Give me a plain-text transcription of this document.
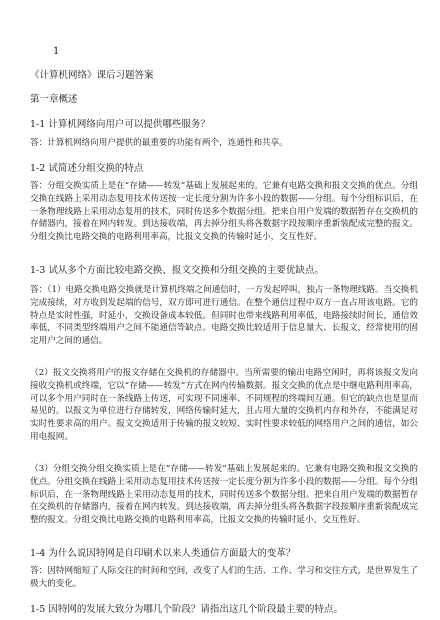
· · · ·	· · · ·	· · · ·
1
《计算机网络》课后习题答案
第一章概述
1-1 计算机网络向用户可以提供哪些服务？

答：计算机网络向用户提供的最重要的功能有两个，连通性和共享。

1-2 试简述分组交换的特点

答：分组交换实质上是在“存储——转发”基础上发展起来的。它兼有电路交换和报文交换的优点。分组交换在线路上采用动态复用技术传送按一定长度分割为许多小段的数据——分组。每个分组标识后，在一条物理线路上采用动态复用的技术，同时传送多个数据分组。把来自用户发端的数据暂存在交换机的存储器内，接着在网内转发。到达接收端，再去掉分组头将各数据字段按顺序重新装配成完整的报文。分组交换比电路交换的电路利用率高，比报文交换的传输时延小，交互性好。

1-3 试从多个方面比较电路交换、报文交换和分组交换的主要优缺点。

答：（1）电路交换电路交换就是计算机终端之间通信时，一方发起呼叫，独占一条物理线路。当交换机完成接续，对方收到发起端的信号，双方即可进行通信。在整个通信过程中双方一直占用该电路。它的特点是实时性强，时延小，交换设备成本较低。但同时也带来线路利用率低，电路接续时间长，通信效率低，不同类型终端用户之间不能通信等缺点。电路交换比较适用于信息量大、长报文，经常使用的固定用户之间的通信。

（2）报文交换将用户的报文存储在交换机的存储器中。当所需要的输出电路空闲时，再将该报文发向接收交换机或终端，它以“存储——转发”方式在网内传输数据。报文交换的优点是中继电路利用率高，可以多个用户同时在一条线路上传送，可实现不同速率、不同规程的终端间互通。但它的缺点也是显而易见的。以报文为单位进行存储转发，网络传输时延大，且占用大量的交换机内存和外存，不能满足对实时性要求高的用户。报文交换适用于传输的报文较短、实时性要求较低的网络用户之间的通信，如公用电报网。

（3）分组交换分组交换实质上是在“存储——转发”基础上发展起来的。它兼有电路交换和报文交换的优点。分组交换在线路上采用动态复用技术传送按一定长度分割为许多小段的数据——分组。每个分组标识后，在一条物理线路上采用动态复用的技术，同时传送多个数据分组。把来自用户发端的数据暂存在交换机的存储器内，接着在网内转发。到达接收端，再去掉分组头将各数据字段按顺序重新装配成完整的报文。分组交换比电路交换的电路利用率高，比报文交换的传输时延小，交互性好。

1-4 为什么说因特网是自印刷术以来人类通信方面最大的变革？

答：因特网缩短了人际交往的时间和空间，改变了人们的生活、工作、学习和交往方式，是世界发生了极大的变化。

1-5 因特网的发展大致分为哪几个阶段？请指出这几个阶段最主要的特点。
